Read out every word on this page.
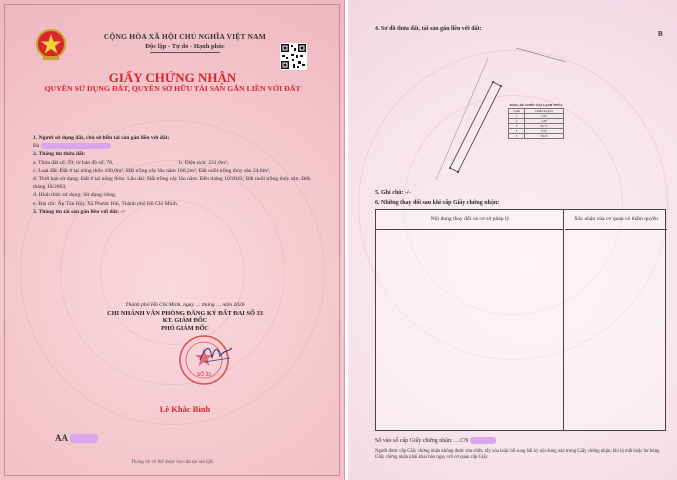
CỘNG HÒA XÃ HỘI CHỦ NGHĨA VIỆT NAM
Độc lập - Tự do - Hạnh phúc
GIẤY CHỨNG NHẬN
QUYỀN SỬ DỤNG ĐẤT, QUYỀN SỞ HỮU TÀI SẢN GẮN LIỀN VỚI ĐẤT
1. Người sử dụng đất, chủ sở hữu tài sản gắn liền với đất:
Bà
2. Thông tin thửa đất:
a. Thửa đất số: 59; tờ bản đồ số: 70,	b. Diện tích: 231,0m²,
c. Loại đất: Đất ở tại nông thôn 100,0m²; Đất trồng cây lâu năm 106,2m²; Đất nuôi trồng thủy sản 24,8m²,
d. Thời hạn sử dụng: Đất ở tại nông thôn: Lâu dài; Đất trồng cây lâu năm: Đến tháng 10/2043; Đất nuôi trồng thủy sản: Đến tháng 10/2063,
đ. Hình thức sử dụng: Sử dụng riêng,
e. Địa chỉ: Ấp Tân Hội, Xã Phước Hải, Thành phố Hồ Chí Minh.
3. Thông tin tài sản gắn liền với đất: -/-
Thành phố Hồ Chí Minh, ngày … tháng … năm 2026
CHI NHÁNH VĂN PHÒNG ĐĂNG KÝ ĐẤT ĐAI SỐ 33
KT. GIÁM ĐỐC
PHÓ GIÁM ĐỐC
SỐ 33
Lê Khắc Bình
AA
Thông tin có thể được tra cứu tại mã QR.
4. Sơ đồ thửa đất, tài sản gắn liền với đất:
B
BẢNG KÊ CHIỀU DÀI CẠNH THỬA
Cạnh	Chiều dài (m)
1	3,33
2	2,86
3	66,72
4	6,02
5	58,25
5. Ghi chú: -/-
6. Những thay đổi sau khi cấp Giấy chứng nhận:
Nội dung thay đổi và cơ sở pháp lý	Xác nhận của cơ quan có thẩm quyền
Số vào sổ cấp Giấy chứng nhận: …CN
Người được cấp Giấy chứng nhận không được sửa chữa, tẩy xóa hoặc bổ sung bất kỳ nội dung nào trong Giấy chứng nhận; khi bị mất hoặc hư hỏng Giấy chứng nhận phải khai báo ngay với cơ quan cấp Giấy.
